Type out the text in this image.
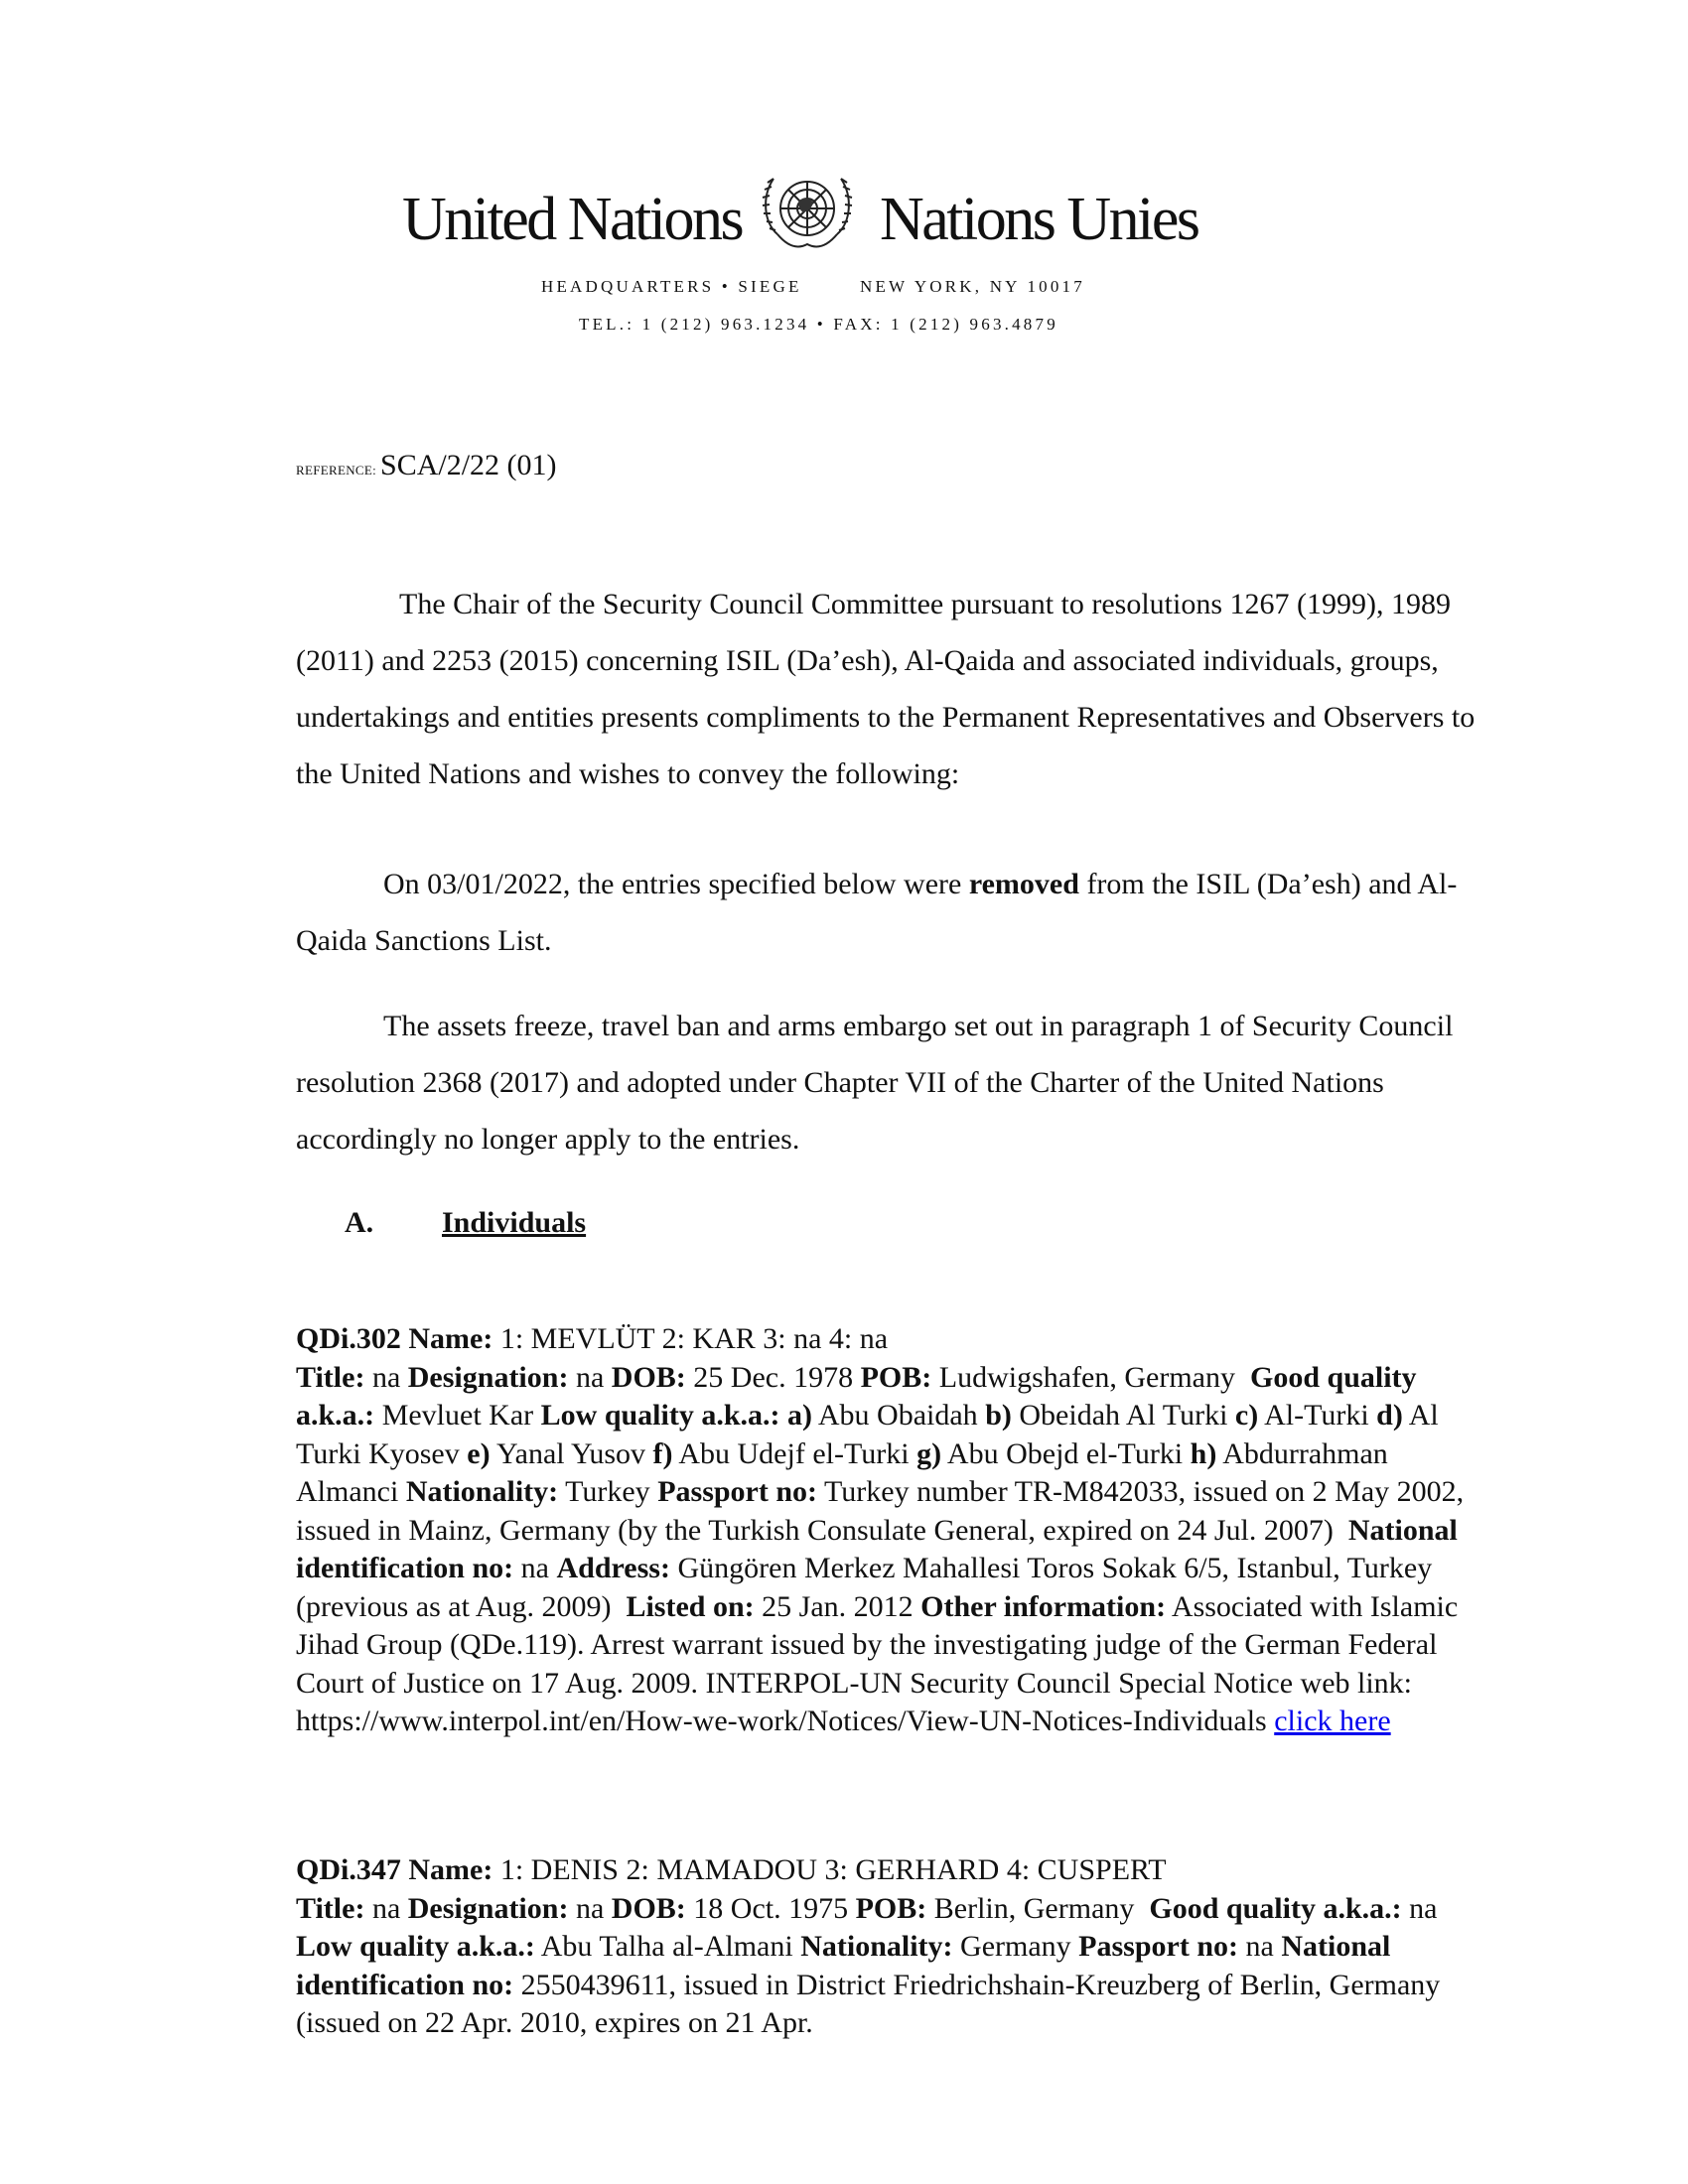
United Nations Nations Unies
HEADQUARTERS • SIEGE	NEW YORK, NY 10017
TEL.: 1 (212) 963.1234 • FAX: 1 (212) 963.4879
REFERENCE: SCA/2/22 (01)
The Chair of the Security Council Committee pursuant to resolutions 1267 (1999), 1989 (2011) and 2253 (2015) concerning ISIL (Da’esh), Al-Qaida and associated individuals, groups, undertakings and entities presents compliments to the Permanent Representatives and Observers to the United Nations and wishes to convey the following:
On 03/01/2022, the entries specified below were removed from the ISIL (Da’esh) and Al-Qaida Sanctions List.
The assets freeze, travel ban and arms embargo set out in paragraph 1 of Security Council resolution 2368 (2017) and adopted under Chapter VII of the Charter of the United Nations accordingly no longer apply to the entries.
A. Individuals
QDi.302 Name: 1: MEVLÜT 2: KAR 3: na 4: na
Title: na Designation: na DOB: 25 Dec. 1978 POB: Ludwigshafen, Germany Good quality a.k.a.: Mevluet Kar Low quality a.k.a.: a) Abu Obaidah b) Obeidah Al Turki c) Al-Turki d) Al Turki Kyosev e) Yanal Yusov f) Abu Udejf el-Turki g) Abu Obejd el-Turki h) Abdurrahman Almanci Nationality: Turkey Passport no: Turkey number TR-M842033, issued on 2 May 2002, issued in Mainz, Germany (by the Turkish Consulate General, expired on 24 Jul. 2007) National identification no: na Address: Güngören Merkez Mahallesi Toros Sokak 6/5, Istanbul, Turkey (previous as at Aug. 2009) Listed on: 25 Jan. 2012 Other information: Associated with Islamic Jihad Group (QDe.119). Arrest warrant issued by the investigating judge of the German Federal Court of Justice on 17 Aug. 2009. INTERPOL-UN Security Council Special Notice web link: https://www.interpol.int/en/How-we-work/Notices/View-UN-Notices-Individuals click here
QDi.347 Name: 1: DENIS 2: MAMADOU 3: GERHARD 4: CUSPERT
Title: na Designation: na DOB: 18 Oct. 1975 POB: Berlin, Germany Good quality a.k.a.: na Low quality a.k.a.: Abu Talha al-Almani Nationality: Germany Passport no: na National identification no: 2550439611, issued in District Friedrichshain-Kreuzberg of Berlin, Germany (issued on 22 Apr. 2010, expires on 21 Apr.
